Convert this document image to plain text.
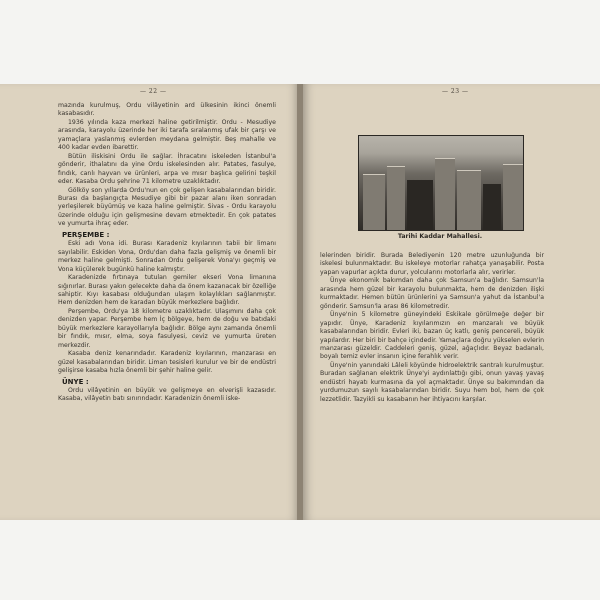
— 22 —	— 23 —

mazında kurulmuş, Ordu vilâyetinin ard ülkesinin ikinci önemli kasabasıdır.

1936 yılında kaza merkezi haline getirilmiştir. Ordu - Mesudiye arasında, karayolu üzerinde her iki tarafa sıralanmış ufak bir çarşı ve yamaçlara yaslanmış evlerden meydana gelmiştir. Beş mahalle ve 400 kadar evden ibarettir.

Bütün iliskisini Ordu ile sağlar. İhracatını iskeleden İstanbul'a gönderir, ithalatını da yine Ordu iskelesinden alır. Patates, fasulye, fındık, canlı hayvan ve ürünleri, arpa ve mısır başlıca gelirini teşkil eder. Kasaba Ordu şehrine 71 kilometre uzaklıktadır.

Gölköy son yıllarda Ordu'nun en çok gelişen kasabalarından biridir. Burası da başlangıçta Mesudiye gibi bir pazar alanı iken sonradan yerleşilerek büyümüş ve kaza haline gelmiştir. Sivas - Ordu karayolu üzerinde olduğu için gelişmesine devam etmektedir. En çok patates ve yumurta ihraç eder.

PERŞEMBE :

Eski adı Vona idi. Burası Karadeniz kıyılarının tabii bir limanı sayılabilir. Eskiden Vona, Ordu'dan daha fazla gelişmiş ve önemli bir merkez haline gelmişti. Sonradan Ordu gelişerek Vona'yı geçmiş ve Vona küçülerek bugünkü haline kalmıştır.

Karadenizde fırtınaya tutulan gemiler ekseri Vona limanına sığınırlar. Burası yakın gelecekte daha da önem kazanacak bir özelliğe sahiptir. Kıyı kasabası olduğundan ulaşım kolaylıkları sağlanmıştır. Hem denizden hem de karadan büyük merkezlere bağlıdır.

Perşembe, Ordu'ya 18 kilometre uzaklıktadır. Ulaşımını daha çok denizden yapar. Perşembe hem İç bölgeye, hem de doğu ve batıdaki büyük merkezlere karayollarıyla bağlıdır. Bölge aynı zamanda önemli bir fındık, mısır, elma, soya fasulyesi, ceviz ve yumurta üreten merkezdir.

Kasaba deniz kenarındadır. Karadeniz kıyılarının, manzarası en güzel kasabalarından biridir. Liman tesisleri kurulur ve bir de endüstri gelişirse kasaba hızla önemli bir şehir haline gelir.

ÜNYE :

Ordu vilâyetinin en büyük ve gelişmeye en elverişli kazasıdır. Kasaba, vilâyetin batı sınırındadır. Karadenizin önemli iske-

Tarihi Kaddar Mahallesi.

lelerinden biridir. Burada Belediyenin 120 metre uzunluğunda bir iskelesi bulunmaktadır. Bu iskeleye motorlar rahatça yanaşabilir. Posta yapan vapurlar açıkta durur, yolcularını motorlarla alır, verirler.

Ünye ekonomik bakımdan daha çok Samsun'a bağlıdır. Samsun'la arasında hem güzel bir karayolu bulunmakta, hem de denizden ilişki kurmaktadır. Hemen bütün ürünlerini ya Samsun'a yahut da İstanbul'a gönderir. Samsun'la arası 86 kilometredir.

Ünye'nin 5 kilometre güneyindeki Eskikale görülmeğe değer bir yapıdır. Ünye, Karadeniz kıyılarımızın en manzaralı ve büyük kasabalarından biridir. Evleri iki, bazan üç katlı, geniş pencereli, büyük yapılardır. Her biri bir bahçe içindedir. Yamaçlara doğru yükselen evlerin manzarası güzeldir. Caddeleri geniş, güzel, ağaçlıdır. Beyaz badanalı, boyalı temiz evler insanın içine ferahlık verir.

Ünye'nin yanındaki Lâleli köyünde hidroelektrik santralı kurulmuştur. Buradan sağlanan elektrik Ünye'yi aydınlattığı gibi, onun yavaş yavaş endüstri hayatı kurmasına da yol açmaktadır. Ünye su bakımından da yurdumuzun sayılı kasabalarından biridir. Suyu hem bol, hem de çok lezzetlidir. Tazyikli su kasabanın her ihtiyacını karşılar.
